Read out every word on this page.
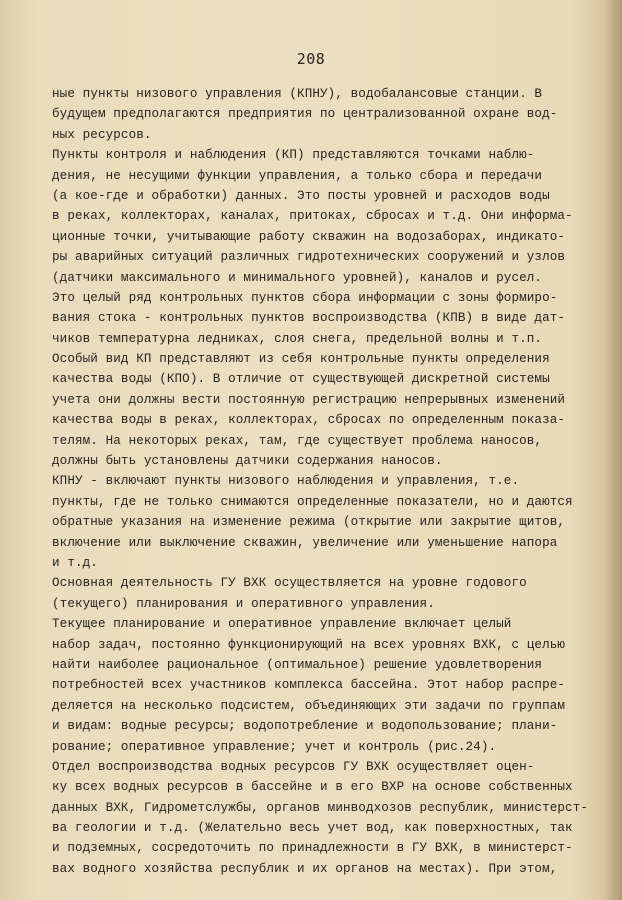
208
ные пункты низового управления (КПНУ), водобалансовые станции. В
будущем предполагаются предприятия по централизованной охране вод-
ных ресурсов.
Пункты контроля и наблюдения (КП) представляются точками наблю-
дения, не несущими функции управления, а только сбора и передачи
(а кое-где и обработки) данных. Это посты уровней и расходов воды
в реках, коллекторах, каналах, притоках, сбросах и т.д. Они информа-
ционные точки, учитывающие работу скважин на водозаборах, индикато-
ры аварийных ситуаций различных гидротехнических сооружений и узлов
(датчики максимального и минимального уровней), каналов и русел.
Это целый ряд контрольных пунктов сбора информации с зоны формиро-
вания стока - контрольных пунктов воспроизводства (КПВ) в виде дат-
чиков температурна ледниках, слоя снега, предельной волны и т.п.
Особый вид КП представляют из себя контрольные пункты определения
качества воды (КПО). В отличие от существующей дискретной системы
учета они должны вести постоянную регистрацию непрерывных изменений
качества воды в реках, коллекторах, сбросах по определенным показа-
телям. На некоторых реках, там, где существует проблема наносов,
должны быть установлены датчики содержания наносов.
КПНУ - включают пункты низового наблюдения и управления, т.е.
пункты, где не только снимаются определенные показатели, но и даются
обратные указания на изменение режима (открытие или закрытие щитов,
включение или выключение скважин, увеличение или уменьшение напора
и т.д.
Основная деятельность ГУ ВХК осуществляется на уровне годового
(текущего) планирования и оперативного управления.
Текущее планирование и оперативное управление включает целый
набор задач, постоянно функционирующий на всех уровнях ВХК, с целью
найти наиболее рациональное (оптимальное) решение удовлетворения
потребностей всех участников комплекса бассейна. Этот набор распре-
деляется на несколько подсистем, объединяющих эти задачи по группам
и видам: водные ресурсы; водопотребление и водопользование; плани-
рование; оперативное управление; учет и контроль (рис.24).
Отдел воспроизводства водных ресурсов ГУ ВХК осуществляет оцен-
ку всех водных ресурсов в бассейне и в его ВХР на основе собственных
данных ВХК, Гидрометслужбы, органов минводхозов республик, министерст-
ва геологии и т.д. (Желательно весь учет вод, как поверхностных, так
и подземных, сосредоточить по принадлежности в ГУ ВХК, в министерст-
вах водного хозяйства республик и их органов на местах). При этом,
